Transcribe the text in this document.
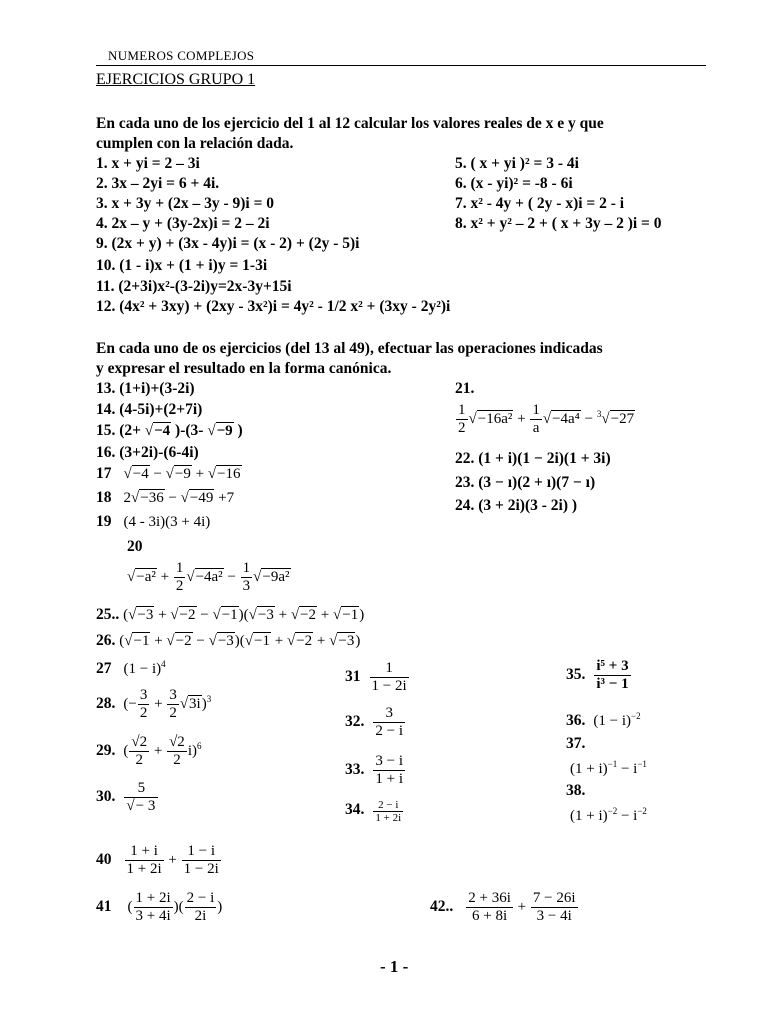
NUMEROS COMPLEJOS
EJERCICIOS GRUPO 1
En cada uno de los ejercicio del 1 al 12 calcular los valores reales de x e y que
cumplen con la relación dada.
1. x + yi = 2 – 3i
2. 3x – 2yi = 6 + 4i.
3. x + 3y + (2x – 3y - 9)i = 0
4. 2x – y + (3y-2x)i = 2 – 2i
5. ( x + yi )² = 3 - 4i
6. (x - yi)² = -8 - 6i
7. x² - 4y + ( 2y - x)i = 2 - i
8. x² + y² – 2 + ( x + 3y – 2 )i = 0
9. (2x + y) + (3x - 4y)i = (x - 2) + (2y - 5)i
10. (1 - i)x + (1 + i)y = 1-3i
11. (2+3i)x²-(3-2i)y=2x-3y+15i
12. (4x² + 3xy) + (2xy - 3x²)i = 4y² - 1/2 x² + (3xy - 2y²)i
En cada uno de os ejercicios (del 13 al 49), efectuar las operaciones indicadas
y expresar el resultado en la forma canónica.
13. (1+i)+(3-2i)
14. (4-5i)+(2+7i)
15. (2+ √−4 )-(3- √−9 )
16. (3+2i)-(6-4i)
17 √−4 − √−9 + √−16
18 2√−36 − √−49 +7
19 (4 - 3i)(3 + 4i)
20
$√-a^2 + \frac{1}{2} √-4a^2 - \frac{1}{3} √-9a^2$
21.
$\frac{1}{2} √-16a^2 + \frac{1}{a} √-4a^4 - ^3√-27$
22. (1 + i)(1 − 2i)(1 + 3i)
23. (3 − ı)(2 + ı)(7 − ı)
24. (3 + 2i)(3 - 2i) )
25.. (√−3 + √−2 − √−1)(√−3 + √−2 + √−1)
26. (√−1 + √−2 − √−3)(√−1 + √−2 + √−3)
27 $(1 - i)^4$
28. (− $\frac{3}{2} + \frac{3}{2} √3i)^3$
29. ( $\frac{√2}{2} + \frac{√2}{2} i)^6$
30. $\frac{5}{√- 3}$
$31 \frac{1}{1 - 2i}$
32. $\frac{3}{2 - i}$
33. $\frac{3 - i}{1 + i}$
34. $\frac{2 - i}{1 + 2i}$
35. $\frac{\text{i⁵ + 3}}{\text{i³ − 1}}$
36. $(1 - i)^{-2}$
37.
$(1 + i)^{-1} - i^{-1}$
38.
$(1 + i)^{-2} - i^{-2}$
$40 \frac{1 + i}{1 + 2i} + \frac{1 - i}{1 - 2i}$
41 ( $\frac{1 + 2i}{3 + 4i}$ )( $\frac{2 - i}{2i}$ )	42.. $\frac{2 + 36i}{6 + 8i} + \frac{7 - 26i}{3 - 4i}$
- 1 -
